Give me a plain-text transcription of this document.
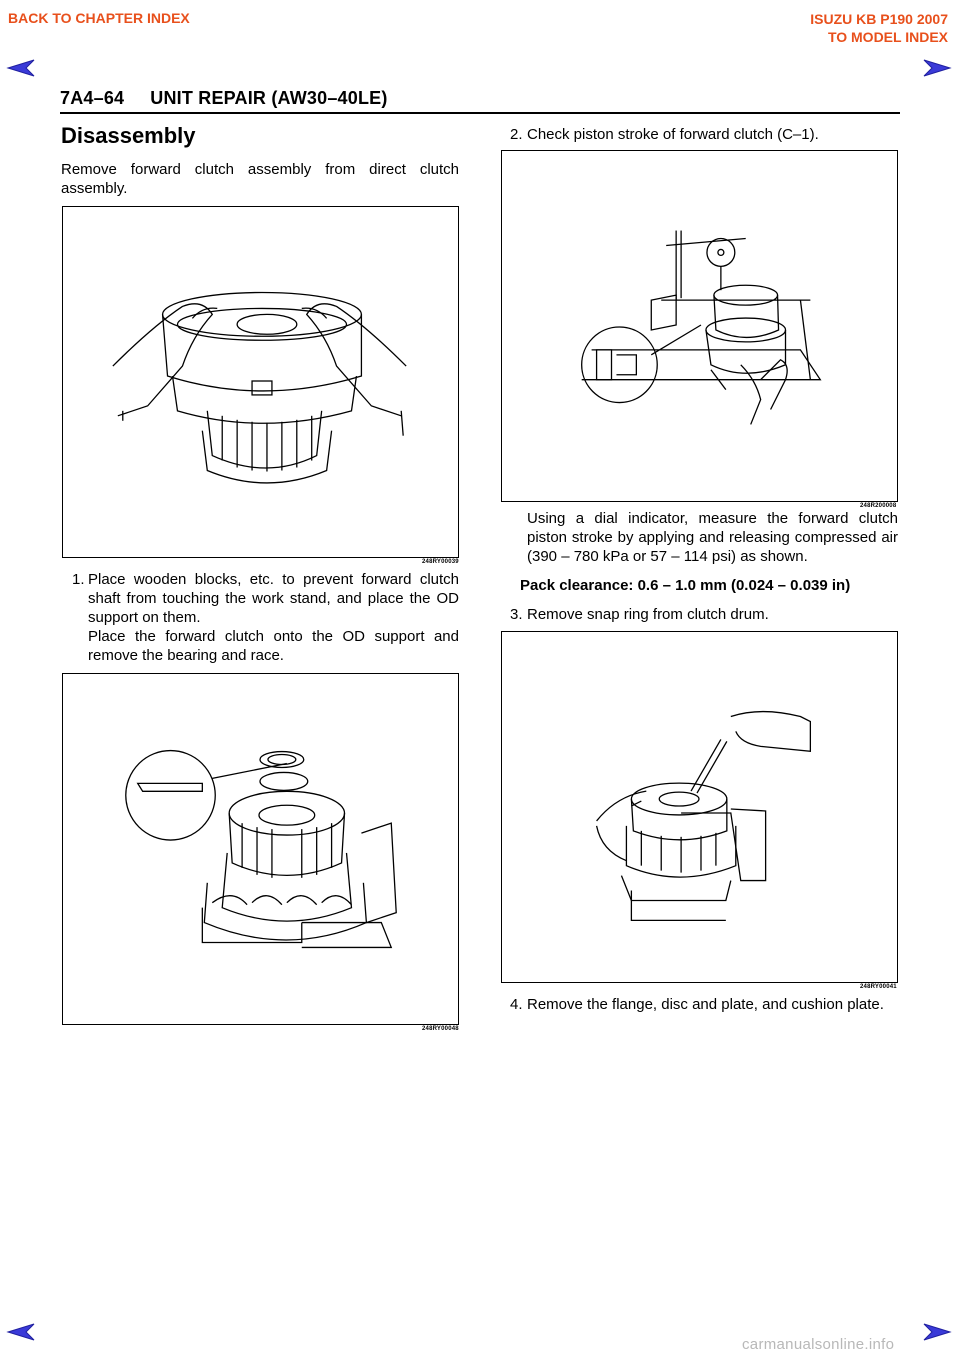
BACK TO CHAPTER INDEX	ISUZU KB P190 2007
TO MODEL INDEX
7A4–64     UNIT REPAIR (AW30–40LE)
Disassembly
Remove forward clutch assembly from direct clutch assembly.
248RY00039
1. Place wooden blocks, etc. to prevent forward clutch shaft from touching the work stand, and place the OD support on them.
Place the forward clutch onto the OD support and remove the bearing and race.
248RY00048
2. Check piston stroke of forward clutch (C–1).
248R200008
Using a dial indicator, measure the forward clutch piston stroke by applying and releasing compressed air (390 – 780 kPa or 57 – 114 psi) as shown.
Pack clearance: 0.6 – 1.0 mm (0.024 – 0.039 in)
3. Remove snap ring from clutch drum.
248RY00041
4. Remove the flange, disc and plate, and cushion plate.
carmanualsonline.info
